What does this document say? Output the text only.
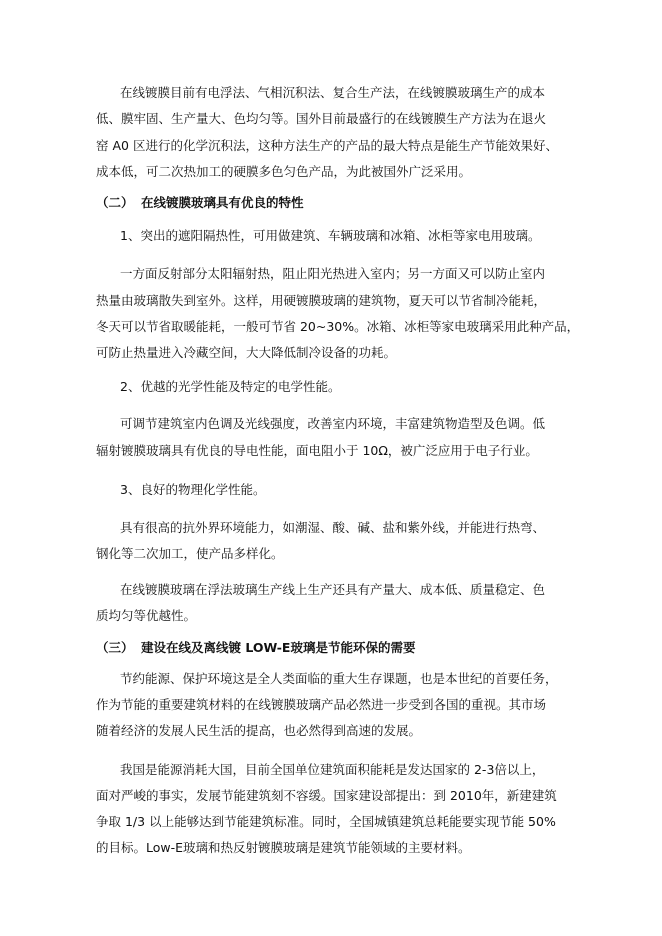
在线镀膜目前有电浮法、气相沉积法、复合生产法，在线镀膜玻璃生产的成本
低、膜牢固、生产量大、色均匀等。国外目前最盛行的在线镀膜生产方法为在退火
窑 A0 区进行的化学沉积法，这种方法生产的产品的最大特点是能生产节能效果好、
成本低，可二次热加工的硬膜多色匀色产品，为此被国外广泛采用。
（二） 在线镀膜玻璃具有优良的特性
1、突出的遮阳隔热性，可用做建筑、车辆玻璃和冰箱、冰柜等家电用玻璃。
一方面反射部分太阳辐射热，阻止阳光热进入室内；另一方面又可以防止室内
热量由玻璃散失到室外。这样，用硬镀膜玻璃的建筑物，夏天可以节省制冷能耗，
冬天可以节省取暖能耗，一般可节省 20~30%。冰箱、冰柜等家电玻璃采用此种产品，
可防止热量进入冷藏空间，大大降低制冷设备的功耗。
2、优越的光学性能及特定的电学性能。
可调节建筑室内色调及光线强度，改善室内环境，丰富建筑物造型及色调。低
辐射镀膜玻璃具有优良的导电性能，面电阻小于 10Ω，被广泛应用于电子行业。
3、良好的物理化学性能。
具有很高的抗外界环境能力，如潮湿、酸、碱、盐和紫外线，并能进行热弯、
钢化等二次加工，使产品多样化。
在线镀膜玻璃在浮法玻璃生产线上生产还具有产量大、成本低、质量稳定、色
质均匀等优越性。
（三） 建设在线及离线镀 LOW-E玻璃是节能环保的需要
节约能源、保护环境这是全人类面临的重大生存课题，也是本世纪的首要任务，
作为节能的重要建筑材料的在线镀膜玻璃产品必然进一步受到各国的重视。其市场
随着经济的发展人民生活的提高，也必然得到高速的发展。
我国是能源消耗大国，目前全国单位建筑面积能耗是发达国家的 2-3倍以上，
面对严峻的事实，发展节能建筑刻不容缓。国家建设部提出：到 2010年，新建建筑
争取 1/3 以上能够达到节能建筑标准。同时，全国城镇建筑总耗能要实现节能 50%
的目标。Low-E玻璃和热反射镀膜玻璃是建筑节能领域的主要材料。
